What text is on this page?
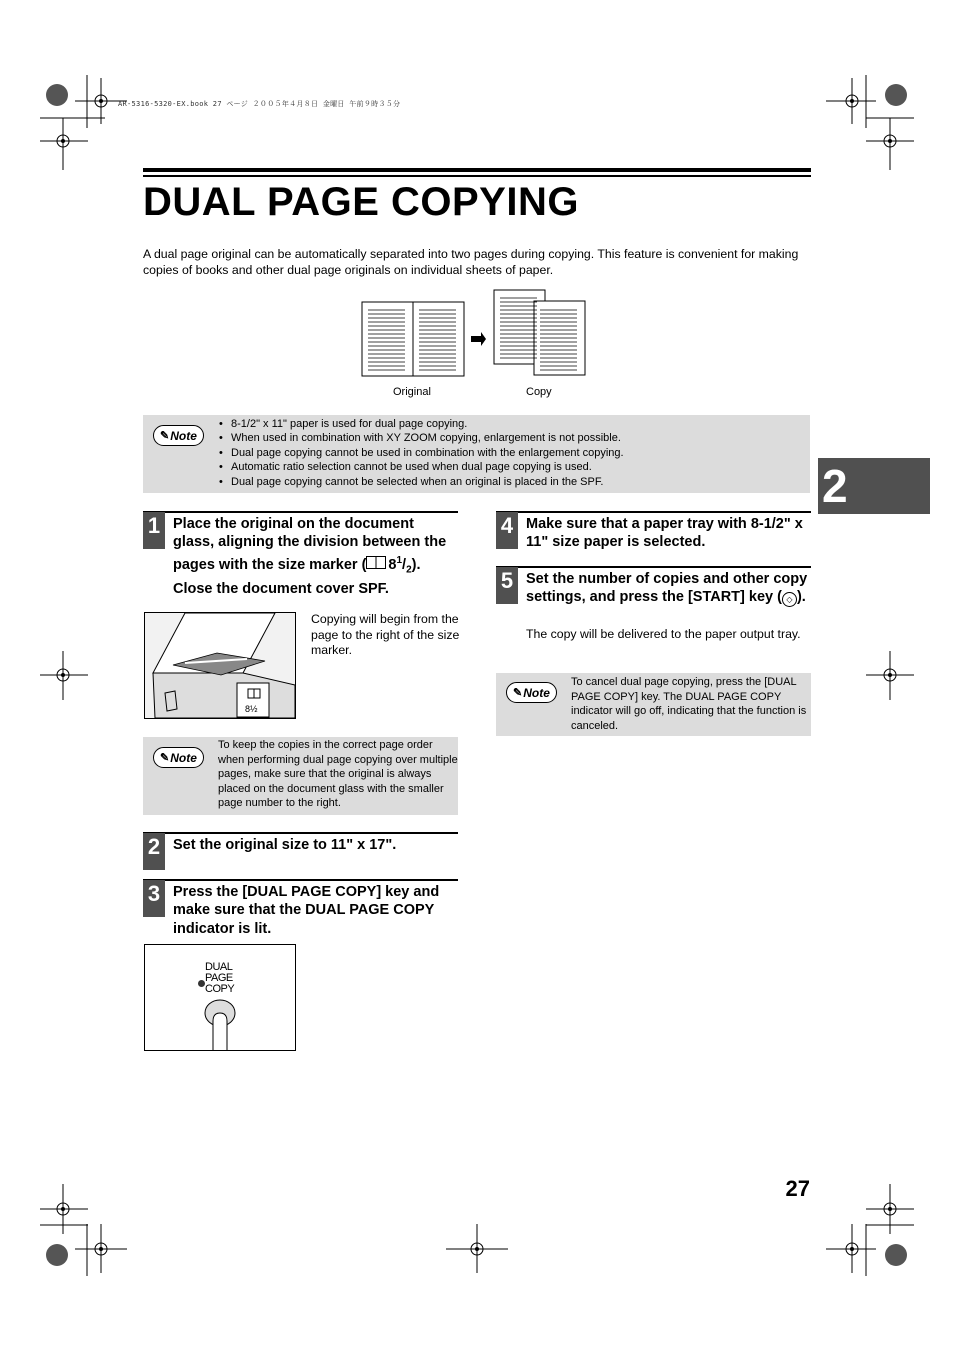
AR-5316-5320-EX.book 27 ページ ２００５年４月８日 金曜日 午前９時３５分
DUAL PAGE COPYING
A dual page original can be automatically separated into two pages during copying. This feature is convenient for making copies of books and other dual page originals on individual sheets of paper.
Original	Copy
✎ Note
• 8-1/2" x 11" paper is used for dual page copying.
• When used in combination with XY ZOOM copying, enlargement is not possible.
• Dual page copying cannot be used in combination with the enlargement copying.
• Automatic ratio selection cannot be used when dual page copying is used.
• Dual page copying cannot be selected when an original is placed in the SPF.	2
1 Place the original on the document glass, aligning the division between the pages with the size marker ( $8^1/_2$). Close the document cover SPF.
8½
Copying will begin from the page to the right of the size marker.
✎ Note
To keep the copies in the correct page order when performing dual page copying over multiple pages, make sure that the original is always placed on the document glass with the smaller page number to the right.
2 Set the original size to 11" x 17".
3 Press the [DUAL PAGE COPY] key and make sure that the DUAL PAGE COPY indicator is lit.
DUAL
PAGE
COPY
4 Make sure that a paper tray with 8-1/2" x 11" size paper is selected.
5 Set the number of copies and other copy settings, and press the [START] key ( ◇ ).
The copy will be delivered to the paper output tray.
✎ Note
To cancel dual page copying, press the [DUAL PAGE COPY] key. The DUAL PAGE COPY indicator will go off, indicating that the function is canceled.
27
